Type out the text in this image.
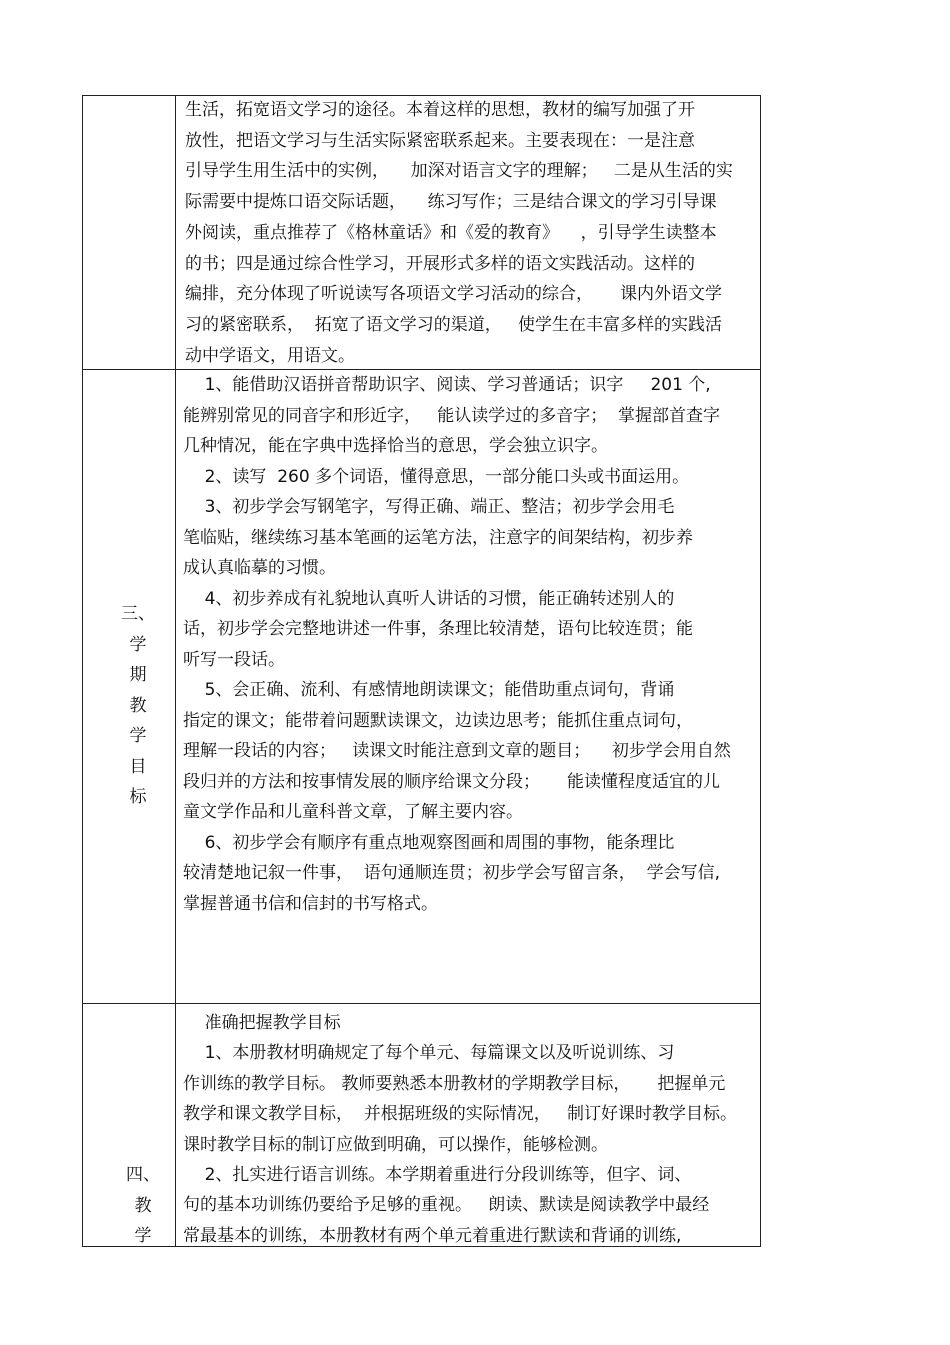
生活，拓宽语文学习的途径。本着这样的思想，教材的编写加强了开
放性，把语文学习与生活实际紧密联系起来。主要表现在：一是注意
引导学生用生活中的实例，    加深对语言文字的理解；   二是从生活的实
际需要中提炼口语交际话题，    练习写作；三是结合课文的学习引导课
外阅读，重点推荐了《格林童话》和《爱的教育》    ，引导学生读整本
的书；四是通过综合性学习，开展形式多样的语文实践活动。这样的
编排，充分体现了听说读写各项语文学习活动的综合，     课内外语文学
习的紧密联系，  拓宽了语文学习的渠道，   使学生在丰富多样的实践活
动中学语文，用语文。
三、
学
期
教
学
目
标
1、能借助汉语拼音帮助识字、阅读、学习普通话；识字     201 个,
能辨别常见的同音字和形近字，   能认读学过的多音字；  掌握部首查字
几种情况，能在字典中选择恰当的意思，学会独立识字。
2、读写  260 多个词语，懂得意思，一部分能口头或书面运用。
3、初步学会写钢笔字，写得正确、端正、整洁；初步学会用毛
笔临贴，继续练习基本笔画的运笔方法，注意字的间架结构，初步养
成认真临摹的习惯。
4、初步养成有礼貌地认真听人讲话的习惯，能正确转述别人的
话，初步学会完整地讲述一件事，条理比较清楚，语句比较连贯；能
听写一段话。
5、会正确、流利、有感情地朗读课文；能借助重点词句，背诵
指定的课文；能带着问题默读课文，边读边思考；能抓住重点词句，
理解一段话的内容；   读课文时能注意到文章的题目；    初步学会用自然
段归并的方法和按事情发展的顺序给课文分段；     能读懂程度适宜的儿
童文学作品和儿童科普文章，了解主要内容。
6、初步学会有顺序有重点地观察图画和周围的事物，能条理比
较清楚地记叙一件事，  语句通顺连贯；初步学会写留言条，  学会写信,
掌握普通书信和信封的书写格式。
四、
教
学
准确把握教学目标
1、本册教材明确规定了每个单元、每篇课文以及听说训练、习
作训练的教学目标。 教师要熟悉本册教材的学期教学目标，     把握单元
教学和课文教学目标，  并根据班级的实际情况，   制订好课时教学目标。
课时教学目标的制订应做到明确，可以操作，能够检测。
2、扎实进行语言训练。本学期着重进行分段训练等，但字、词、
句的基本功训练仍要给予足够的重视。   朗读、默读是阅读教学中最经
常最基本的训练，本册教材有两个单元着重进行默读和背诵的训练,
